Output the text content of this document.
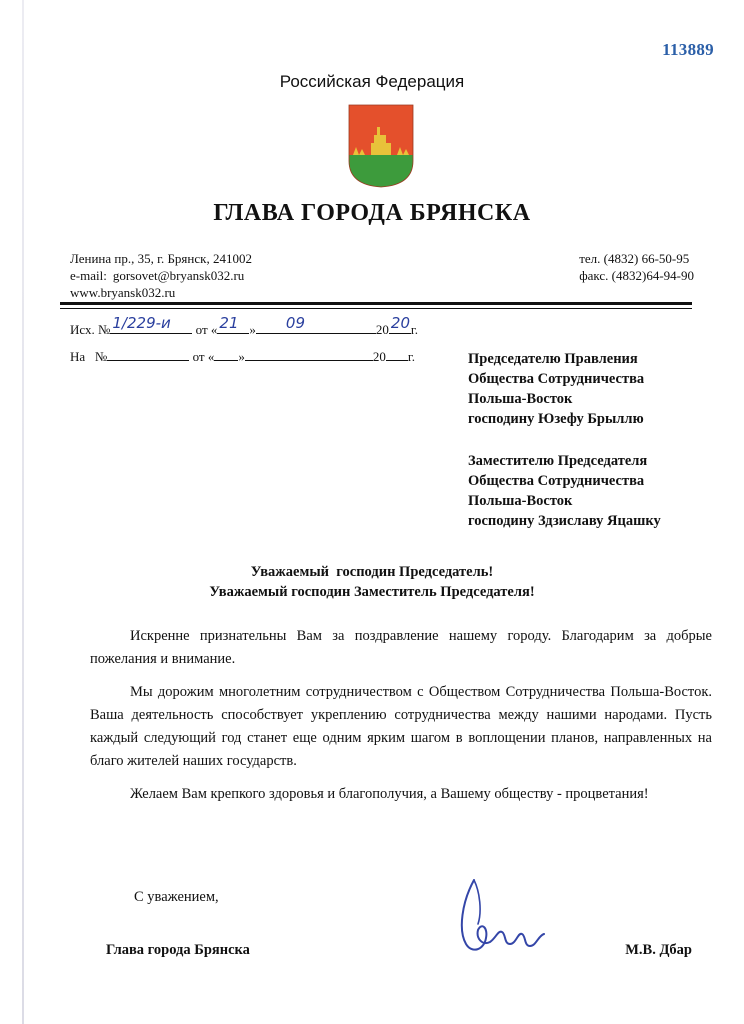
113889
Российская Федерация
ГЛАВА ГОРОДА БРЯНСКА
Ленина пр., 35, г. Брянск, 241002
e-mail: gorsovet@bryansk032.ru
www.bryansk032.ru
тел. (4832) 66-50-95
факс. (4832)64-94-90
Исх. № 1/229-и от « 21 » 09	20 20 г.
На   №	от « »	20 г.	Председателю Правления
Общества Сотрудничества
Польша-Восток
господину Юзефу Бpыллю
Заместителю Председателя
Общества Сотрудничества
Польша-Восток
господину Здзиславу Яцашку
Уважаемый  господин Председатель!
Уважаемый господин Заместитель Председателя!

Искренне признательны Вам за поздравление нашему городу. Благодарим за добрые пожелания и внимание.

Мы дорожим многолетним сотрудничеством с Обществом Сотрудничества Польша-Восток. Ваша деятельность способствует укреплению сотрудничества между нашими народами. Пусть каждый следующий год станет еще одним ярким шагом в воплощении планов, направленных на благо жителей наших государств.

Желаем Вам крепкого здоровья и благополучия, а Вашему обществу - процветания!

С уважением,
Глава города Брянска	М.В. Дбар
